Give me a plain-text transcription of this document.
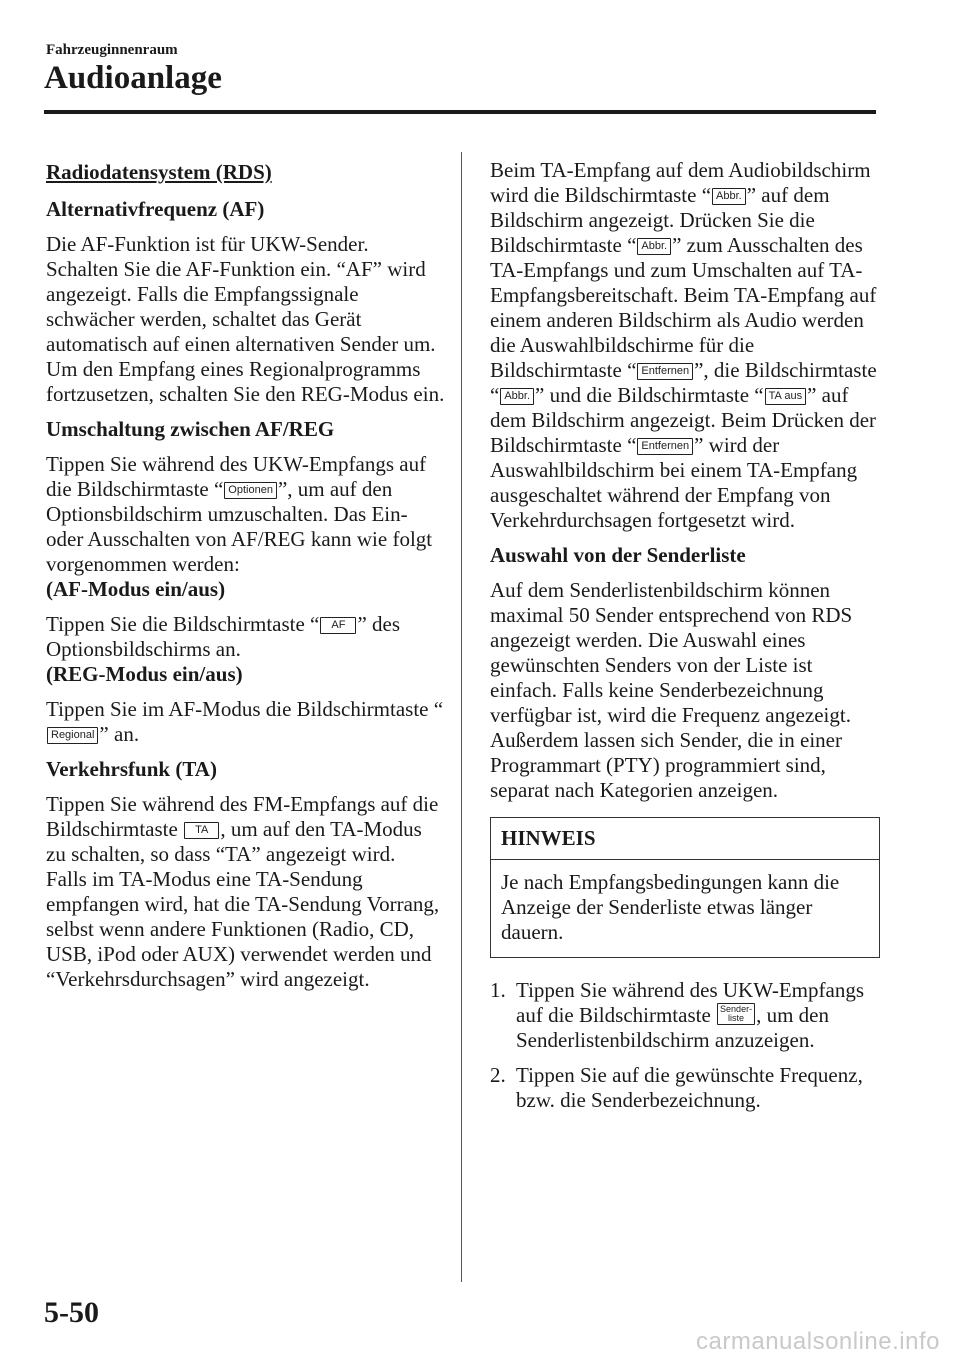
Fahrzeuginnenraum
Audioanlage
Radiodatensystem (RDS)
Alternativfrequenz (AF)

Die AF-Funktion ist für UKW-Sender. Schalten Sie die AF-Funktion ein. “AF” wird angezeigt. Falls die Empfangssignale schwächer werden, schaltet das Gerät automatisch auf einen alternativen Sender um.

Um den Empfang eines Regionalprogramms fortzusetzen, schalten Sie den REG-Modus ein.

Umschaltung zwischen AF/REG

Tippen Sie während des UKW-Empfangs auf die Bildschirmtaste “ Optionen ”, um auf den Optionsbildschirm umzuschalten. Das Ein- oder Ausschalten von AF/REG kann wie folgt vorgenommen werden:

(AF-Modus ein/aus)

Tippen Sie die Bildschirmtaste “ AF ” des Optionsbildschirms an.

(REG-Modus ein/aus)

Tippen Sie im AF-Modus die Bildschirmtaste “Regional ” an.

Verkehrsfunk (TA)

Tippen Sie während des FM-Empfangs auf die Bildschirmtaste TA , um auf den TA-Modus zu schalten, so dass “TA” angezeigt wird.

Falls im TA-Modus eine TA-Sendung empfangen wird, hat die TA-Sendung Vorrang, selbst wenn andere Funktionen (Radio, CD, USB, iPod oder AUX) verwendet werden und “Verkehrsdurchsagen” wird angezeigt.

Beim TA-Empfang auf dem Audiobildschirm wird die Bildschirmtaste “ Abbr. ” auf dem Bildschirm angezeigt. Drücken Sie die Bildschirmtaste “ Abbr. ” zum Ausschalten des TA-Empfangs und zum Umschalten auf TA-Empfangsbereitschaft. Beim TA-Empfang auf einem anderen Bildschirm als Audio werden die Auswahlbildschirme für die Bildschirmtaste “ Entfernen ”, die Bildschirmtaste “ Abbr. ” und die Bildschirmtaste “ TA aus ” auf dem Bildschirm angezeigt. Beim Drücken der Bildschirmtaste “ Entfernen ” wird der Auswahlbildschirm bei einem TA-Empfang ausgeschaltet während der Empfang von Verkehrdurchsagen fortgesetzt wird.

Auswahl von der Senderliste

Auf dem Senderlistenbildschirm können maximal 50 Sender entsprechend von RDS angezeigt werden. Die Auswahl eines gewünschten Senders von der Liste ist einfach. Falls keine Senderbezeichnung verfügbar ist, wird die Frequenz angezeigt. Außerdem lassen sich Sender, die in einer Programmart (PTY) programmiert sind, separat nach Kategorien anzeigen.

HINWEIS
Je nach Empfangsbedingungen kann die Anzeige der Senderliste etwas länger dauern.
1. Tippen Sie während des UKW-Empfangs auf die Bildschirmtaste Sender-
liste , um den Senderlistenbildschirm anzuzeigen.
2. Tippen Sie auf die gewünschte Frequenz, bzw. die Senderbezeichnung.
5-50
carmanualsonline.info
